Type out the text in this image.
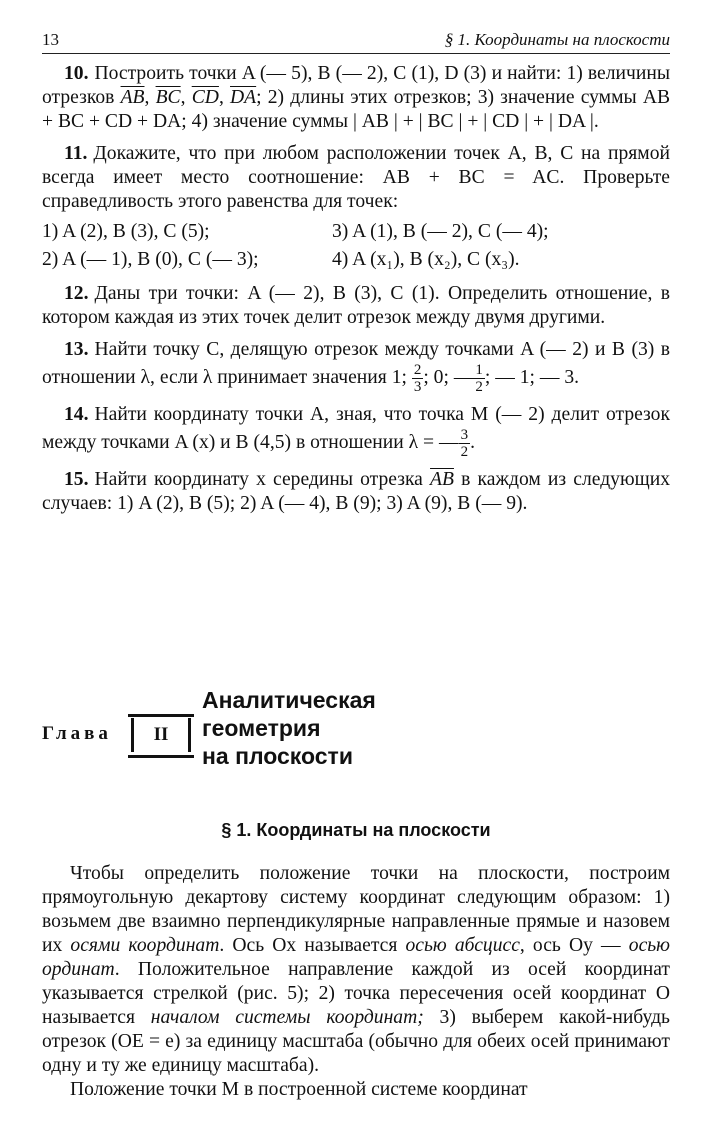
13	§ 1. Координаты на плоскости

10. Построить точки A (— 5), B (— 2), C (1), D (3) и найти: 1) величины отрезков $\overline{AB}$, $\overline{BC}$, $\overline{CD}$, $\overline{DA}$; 2) длины этих отрезков; 3) значение суммы AB + BC + CD + DA; 4) значение суммы | AB | + | BC | + | CD | + | DA |.

11. Докажите, что при любом расположении точек A, B, C на прямой всегда имеет место соотношение: AB + BC = AC. Проверьте справедливость этого равенства для точек:

1) A (2), B (3), C (5);	3) A (1), B (— 2), C (— 4);
2) A (— 1), B (0), C (— 3);	4) A (x₁), B (x₂), C (x₃).

12. Даны три точки: A (— 2), B (3), C (1). Определить отношение, в котором каждая из этих точек делит отрезок между двумя другими.

13. Найти точку C, делящую отрезок между точками A (— 2) и B (3) в отношении λ, если λ принимает значения 1; $\frac{2}{3}$ ; 0; — $\frac{1}{2}$ ; — 1; — 3.

14. Найти координату точки A, зная, что точка M (— 2) делит отрезок между точками A (x) и B (4,5) в отношении λ = — $\frac{3}{2}$ .

15. Найти координату x середины отрезка $\overline{AB}$ в каждом из следующих случаев: 1) A (2), B (5); 2) A (— 4), B (9); 3) A (9), B (— 9).

Глава	II
Аналитическая
геометрия
на плоскости
§ 1. Координаты на плоскости

Чтобы определить положение точки на плоскости, построим прямоугольную декартову систему координат следующим образом: 1) возьмем две взаимно перпендикулярные направленные прямые и назовем их осями координат. Ось Ox называется осью абсцисс, ось Oy — осью ординат. Положительное направление каждой из осей координат указывается стрелкой (рис. 5); 2) точка пересечения осей координат O называется началом системы координат; 3) выберем какой-нибудь отрезок (OE = e) за единицу масштаба (обычно для обеих осей принимают одну и ту же единицу масштаба).

Положение точки M в построенной системе координат
